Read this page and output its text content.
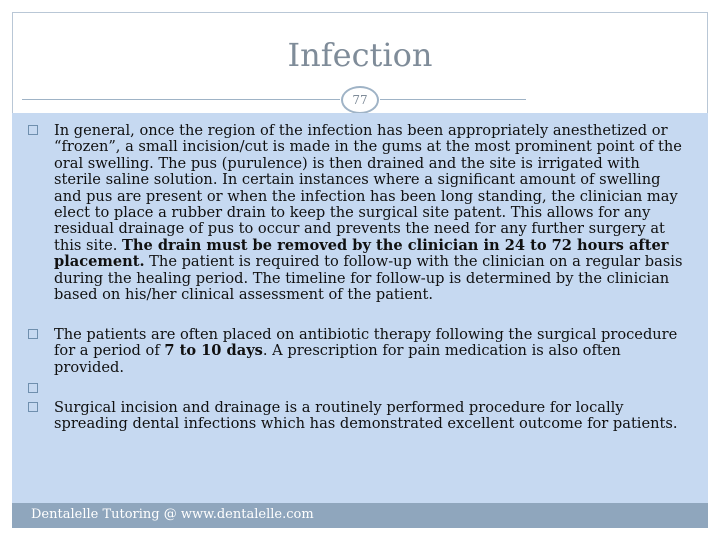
Infection
77
In general, once the region of the infection has been appropriately anesthetized or “frozen”, a small incision/cut is made in the gums at the most prominent point of the oral swelling. The pus (purulence) is then drained and the site is irrigated with sterile saline solution. In certain instances where a significant amount of swelling and pus are present or when the infection has been long standing, the clinician may elect to place a rubber drain to keep the surgical site patent. This allows for any residual drainage of pus to occur and prevents the need for any further surgery at this site. The drain must be removed by the clinician in 24 to 72 hours after placement. The patient is required to follow-up with the clinician on a regular basis during the healing period. The timeline for follow-up is determined by the clinician based on his/her clinical assessment of the patient.
The patients are often placed on antibiotic therapy following the surgical procedure for a period of 7 to 10 days. A prescription for pain medication is also often provided.
Surgical incision and drainage is a routinely performed procedure for locally spreading dental infections which has demonstrated excellent outcome for patients.
Dentalelle Tutoring @ www.dentalelle.com
